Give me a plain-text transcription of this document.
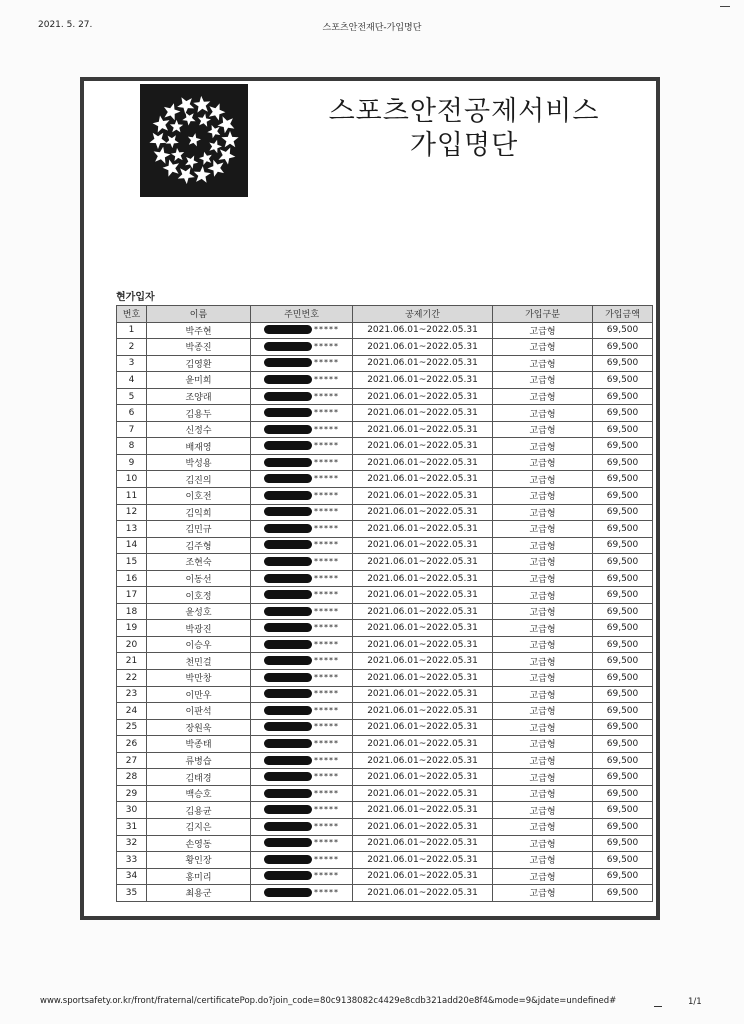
2021. 5. 27.	스포츠안전재단-가입명단
스포츠안전공제서비스
가입명단
현가입자
번호	이름	주민번호	공제기간	가입구분	가입금액
1	박주현	*****	2021.06.01~2022.05.31	고급형	69,500
2	박종진	*****	2021.06.01~2022.05.31	고급형	69,500
3	김영환	*****	2021.06.01~2022.05.31	고급형	69,500
4	윤미희	*****	2021.06.01~2022.05.31	고급형	69,500
5	조양래	*****	2021.06.01~2022.05.31	고급형	69,500
6	김용두	*****	2021.06.01~2022.05.31	고급형	69,500
7	신정수	*****	2021.06.01~2022.05.31	고급형	69,500
8	배재영	*****	2021.06.01~2022.05.31	고급형	69,500
9	박성용	*****	2021.06.01~2022.05.31	고급형	69,500
10	김진의	*****	2021.06.01~2022.05.31	고급형	69,500
11	이호전	*****	2021.06.01~2022.05.31	고급형	69,500
12	김익희	*****	2021.06.01~2022.05.31	고급형	69,500
13	김민규	*****	2021.06.01~2022.05.31	고급형	69,500
14	김주형	*****	2021.06.01~2022.05.31	고급형	69,500
15	조현숙	*****	2021.06.01~2022.05.31	고급형	69,500
16	이동선	*****	2021.06.01~2022.05.31	고급형	69,500
17	이호정	*****	2021.06.01~2022.05.31	고급형	69,500
18	윤성호	*****	2021.06.01~2022.05.31	고급형	69,500
19	박광진	*****	2021.06.01~2022.05.31	고급형	69,500
20	이승우	*****	2021.06.01~2022.05.31	고급형	69,500
21	천민걸	*****	2021.06.01~2022.05.31	고급형	69,500
22	박만창	*****	2021.06.01~2022.05.31	고급형	69,500
23	이만우	*****	2021.06.01~2022.05.31	고급형	69,500
24	이판석	*****	2021.06.01~2022.05.31	고급형	69,500
25	장원욱	*****	2021.06.01~2022.05.31	고급형	69,500
26	박종태	*****	2021.06.01~2022.05.31	고급형	69,500
27	류병습	*****	2021.06.01~2022.05.31	고급형	69,500
28	김태경	*****	2021.06.01~2022.05.31	고급형	69,500
29	백승호	*****	2021.06.01~2022.05.31	고급형	69,500
30	김용균	*****	2021.06.01~2022.05.31	고급형	69,500
31	김지은	*****	2021.06.01~2022.05.31	고급형	69,500
32	손영동	*****	2021.06.01~2022.05.31	고급형	69,500
33	황인장	*****	2021.06.01~2022.05.31	고급형	69,500
34	홍미리	*****	2021.06.01~2022.05.31	고급형	69,500
35	최용군	*****	2021.06.01~2022.05.31	고급형	69,500
www.sportsafety.or.kr/front/fraternal/certificatePop.do?join_code=80c9138082c4429e8cdb321add20e8f4&mode=9&jdate=undefined#	1/1
